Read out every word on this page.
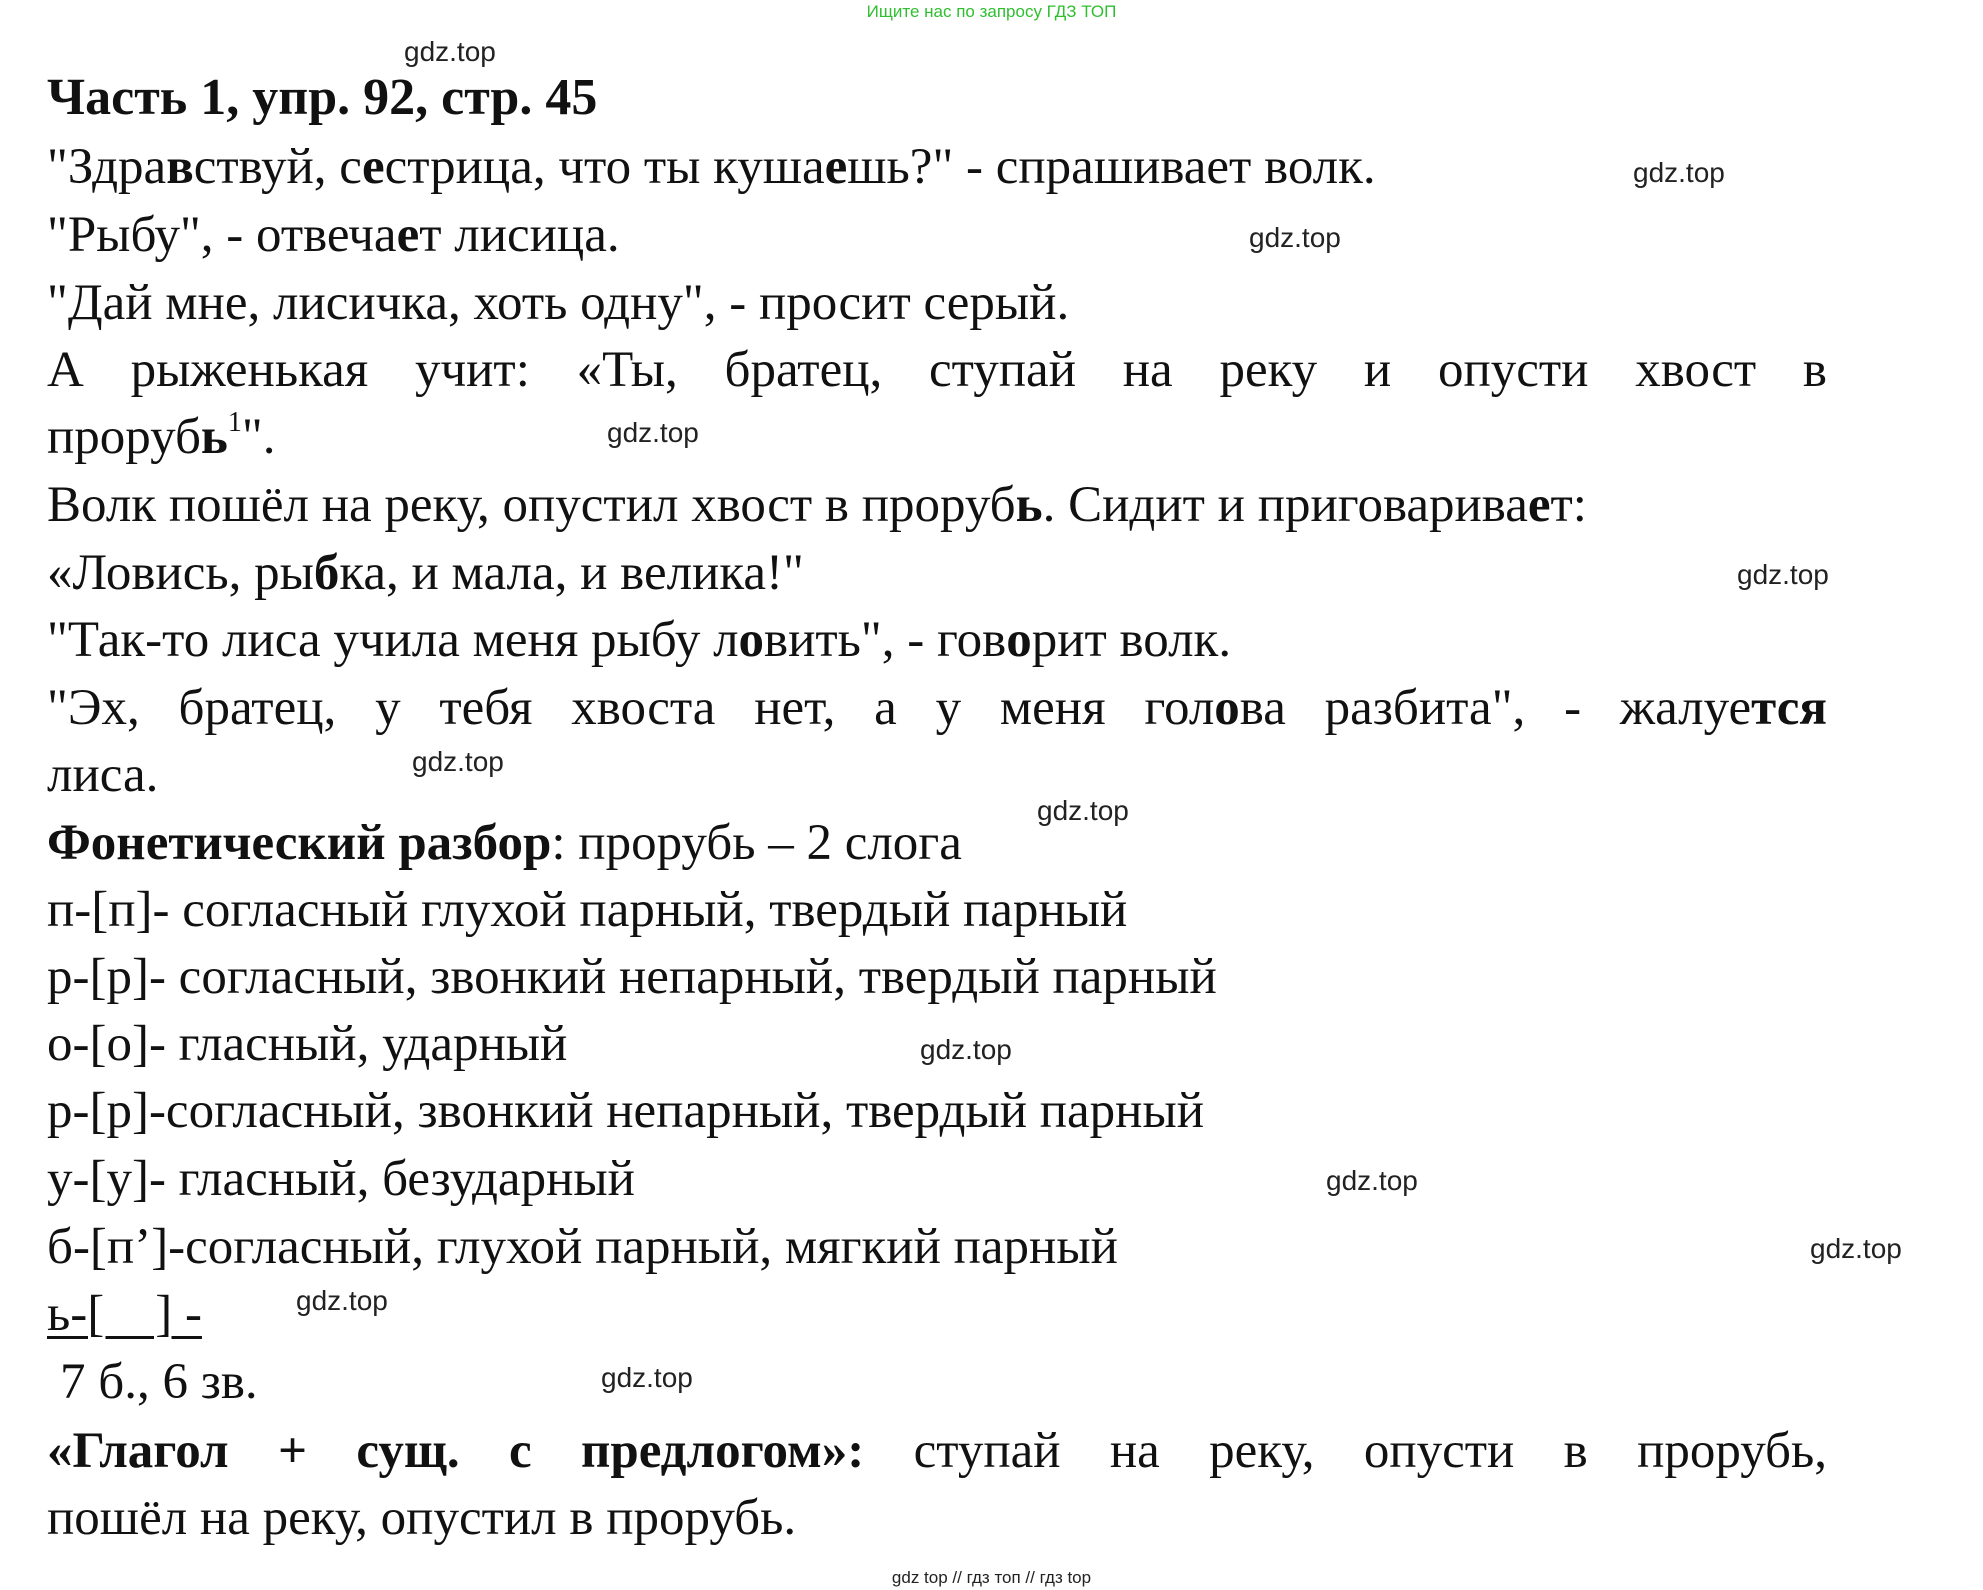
Ищите нас по запросу ГДЗ ТОП
gdz.top
gdz.top
gdz.top
gdz.top
gdz.top
gdz.top
gdz.top
gdz.top
gdz.top
gdz.top
gdz.top
gdz.top
Часть 1, упр. 92, стр. 45
"Здравствуй, сестрица, что ты кушаешь?" - спрашивает волк.
"Рыбу", - отвечает лисица.
"Дай мне, лисичка, хоть одну", - просит серый.
А рыженькая учит: «Ты, братец, ступай на реку и опусти хвост в
прорубь$^1$".
Волк пошёл на реку, опустил хвост в прорубь. Сидит и приговаривает:
«Ловись, рыбка, и мала, и велика!"
"Так-то лиса учила меня рыбу ловить", - говорит волк.
"Эх, братец, у тебя хвоста нет, а у меня голова разбита", - жалуется
лиса.
Фонетический разбор: прорубь – 2 слога
п-[п]- согласный глухой парный, твердый парный
р-[р]- согласный, звонкий непарный, твердый парный
о-[о]- гласный, ударный
р-[р]-согласный, звонкий непарный, твердый парный
у-[у]- гласный, безударный
б-[п’]-согласный, глухой парный, мягкий парный
ь-[    ] -
7 б., 6 зв.
«Глагол + сущ. с предлогом»: ступай на реку, опусти в прорубь,
пошёл на реку, опустил в прорубь.
gdz top // гдз топ // гдз top
